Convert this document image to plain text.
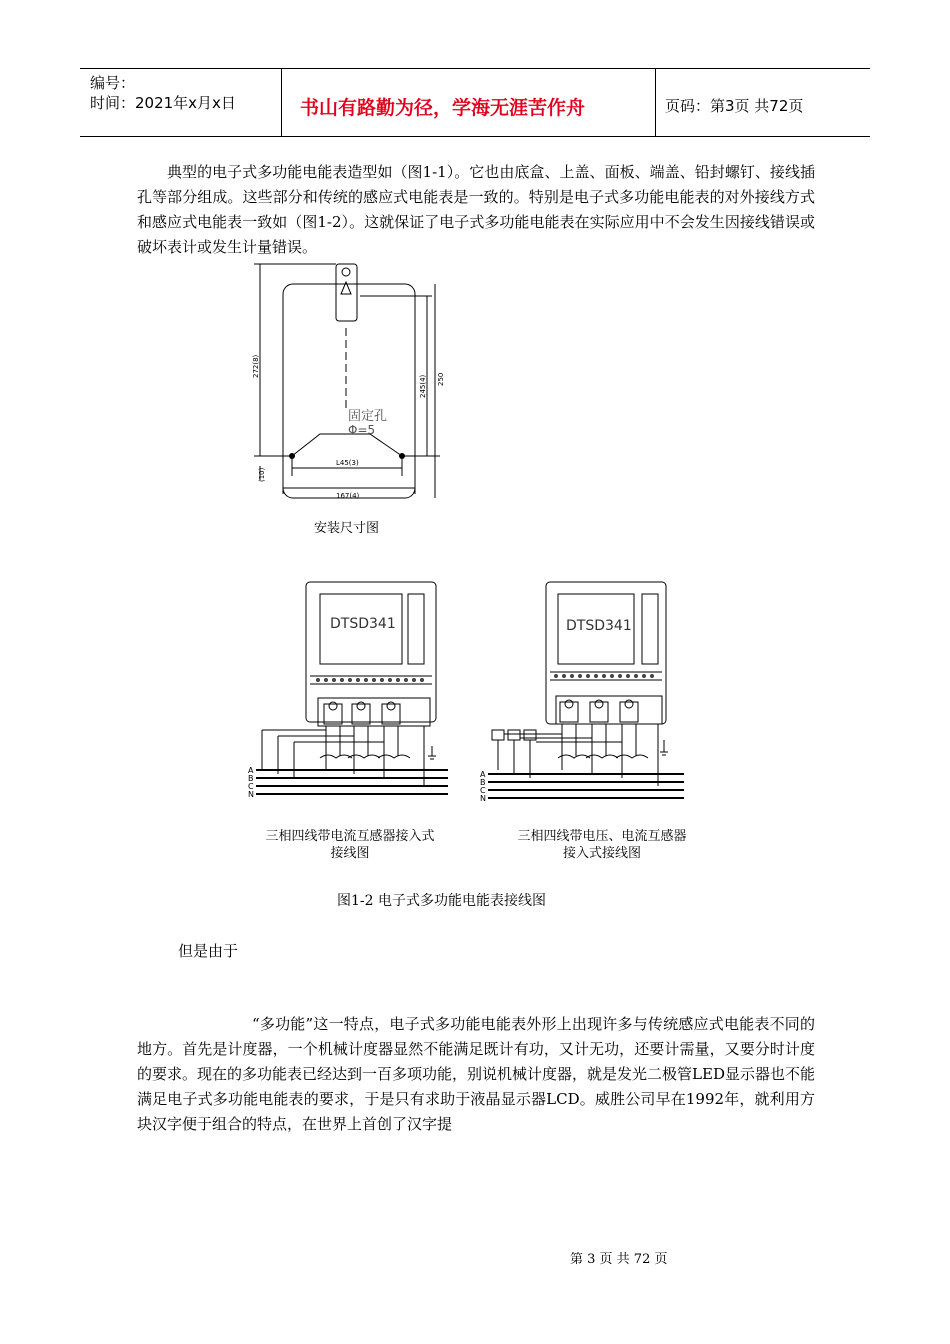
编号：
时间：2021年x月x日	书山有路勤为径，学海无涯苦作舟	页码：第3页 共72页

典型的电子式多功能电能表造型如（图1-1）。它也由底盒、上盖、面板、端盖、铅封螺钉、接线插孔等部分组成。这些部分和传统的感应式电能表是一致的。特别是电子式多功能电能表的对外接线方式和感应式电能表一致如（图1-2）。这就保证了电子式多功能电能表在实际应用中不会发生因接线错误或破坏表计或发生计量错误。

固定孔
Φ=5
272(8)
245(4) 250
L45(3)
167(4)
(10)
安装尺寸图
DTSD341
A
B
C
N
三相四线带电流互感器接入式
接线图
DTSD341
A
B
C
N
三相四线带电压、电流互感器
接入式接线图
图1-2 电子式多功能电能表接线图
但是由于

“多功能”这一特点，电子式多功能电能表外形上出现许多与传统感应式电能表不同的地方。首先是计度器，一个机械计度器显然不能满足既计有功，又计无功，还要计需量，又要分时计度的要求。现在的多功能表已经达到一百多项功能，别说机械计度器，就是发光二极管LED显示器也不能满足电子式多功能电能表的要求，于是只有求助于液晶显示器LCD。威胜公司早在1992年，就利用方块汉字便于组合的特点，在世界上首创了汉字提

第 3 页 共 72 页
